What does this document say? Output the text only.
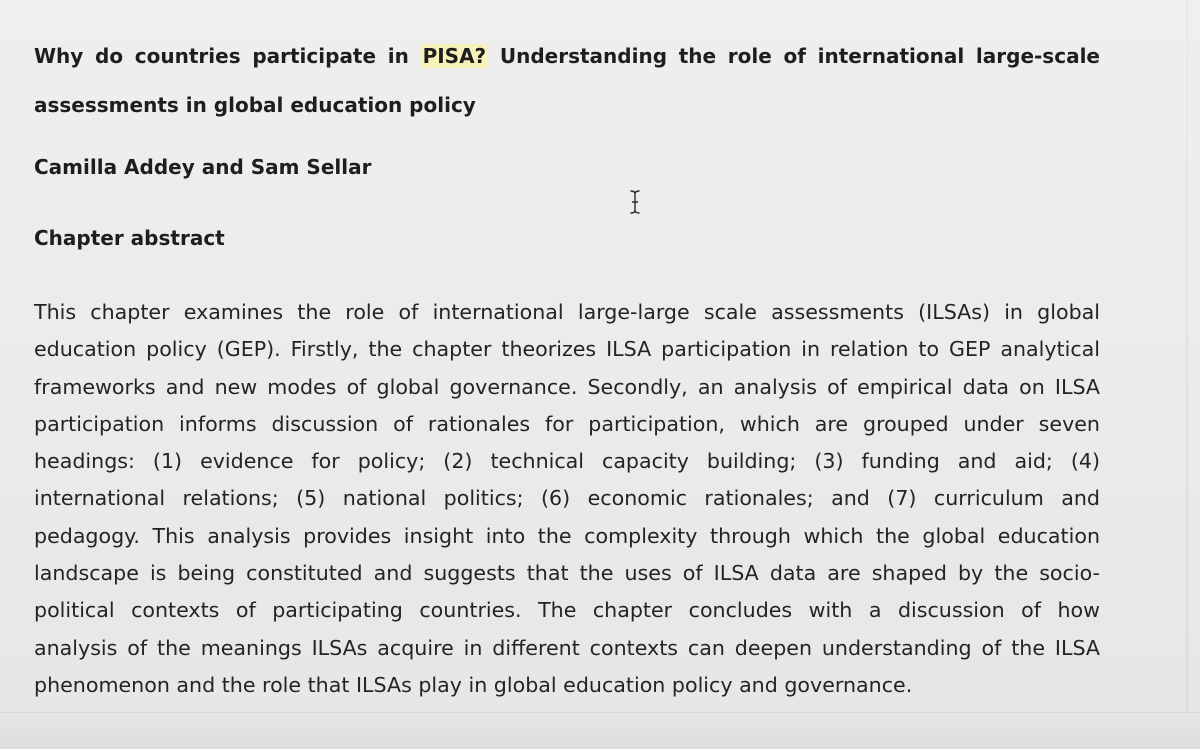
Why do countries participate in PISA? Understanding the role of international large-scale
assessments in global education policy

Camilla Addey and Sam Sellar

Chapter abstract

This chapter examines the role of international large-large scale assessments (ILSAs) in global
education policy (GEP). Firstly, the chapter theorizes ILSA participation in relation to GEP analytical
frameworks and new modes of global governance. Secondly, an analysis of empirical data on ILSA
participation informs discussion of rationales for participation, which are grouped under seven
headings: (1) evidence for policy; (2) technical capacity building; (3) funding and aid; (4)
international relations; (5) national politics; (6) economic rationales; and (7) curriculum and
pedagogy. This analysis provides insight into the complexity through which the global education
landscape is being constituted and suggests that the uses of ILSA data are shaped by the socio-
political contexts of participating countries. The chapter concludes with a discussion of how
analysis of the meanings ILSAs acquire in different contexts can deepen understanding of the ILSA
phenomenon and the role that ILSAs play in global education policy and governance.
